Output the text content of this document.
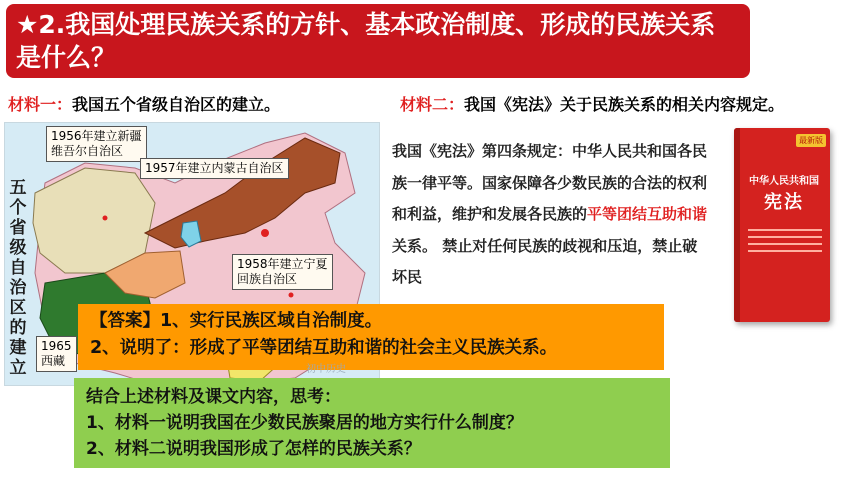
★2.我国处理民族关系的方针、基本政治制度、形成的民族关系是什么？
材料一：我国五个省级自治区的建立。	材料二：我国《宪法》关于民族关系的相关内容规定。
五个省级自治区的建立
1956年建立新疆
维吾尔自治区
1957年建立内蒙古自治区
1958年建立宁夏
回族自治区
1965
西藏
我国《宪法》第四条规定：中华人民共和国各民族一律平等。国家保障各少数民族的合法的权利和利益，维护和发展各民族的平等团结互助和谐关系。 禁止对任何民族的歧视和压迫，禁止破坏民
最新版
中华人民共和国
宪法
【答案】1、实行民族区域自治制度。
2、说明了：形成了平等团结互助和谐的社会主义民族关系。
初中历史
结合上述材料及课文内容，思考：
1、材料一说明我国在少数民族聚居的地方实行什么制度？
2、材料二说明我国形成了怎样的民族关系？
